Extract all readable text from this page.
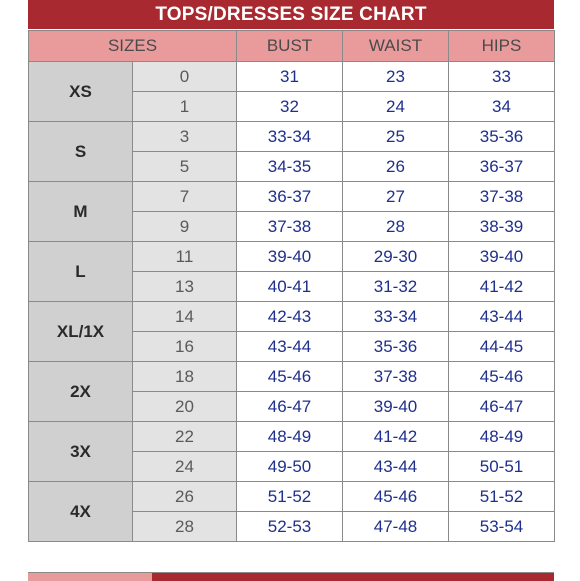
TOPS/DRESSES SIZE CHART
SIZES		BUST	WAIST	HIPS
XS	0	31	23	33
	1	32	24	34
S	3	33-34	25	35-36
	5	34-35	26	36-37
M	7	36-37	27	37-38
	9	37-38	28	38-39
L	11	39-40	29-30	39-40
	13	40-41	31-32	41-42
XL/1X	14	42-43	33-34	43-44
	16	43-44	35-36	44-45
2X	18	45-46	37-38	45-46
	20	46-47	39-40	46-47
3X	22	48-49	41-42	48-49
	24	49-50	43-44	50-51
4X	26	51-52	45-46	51-52
	28	52-53	47-48	53-54
